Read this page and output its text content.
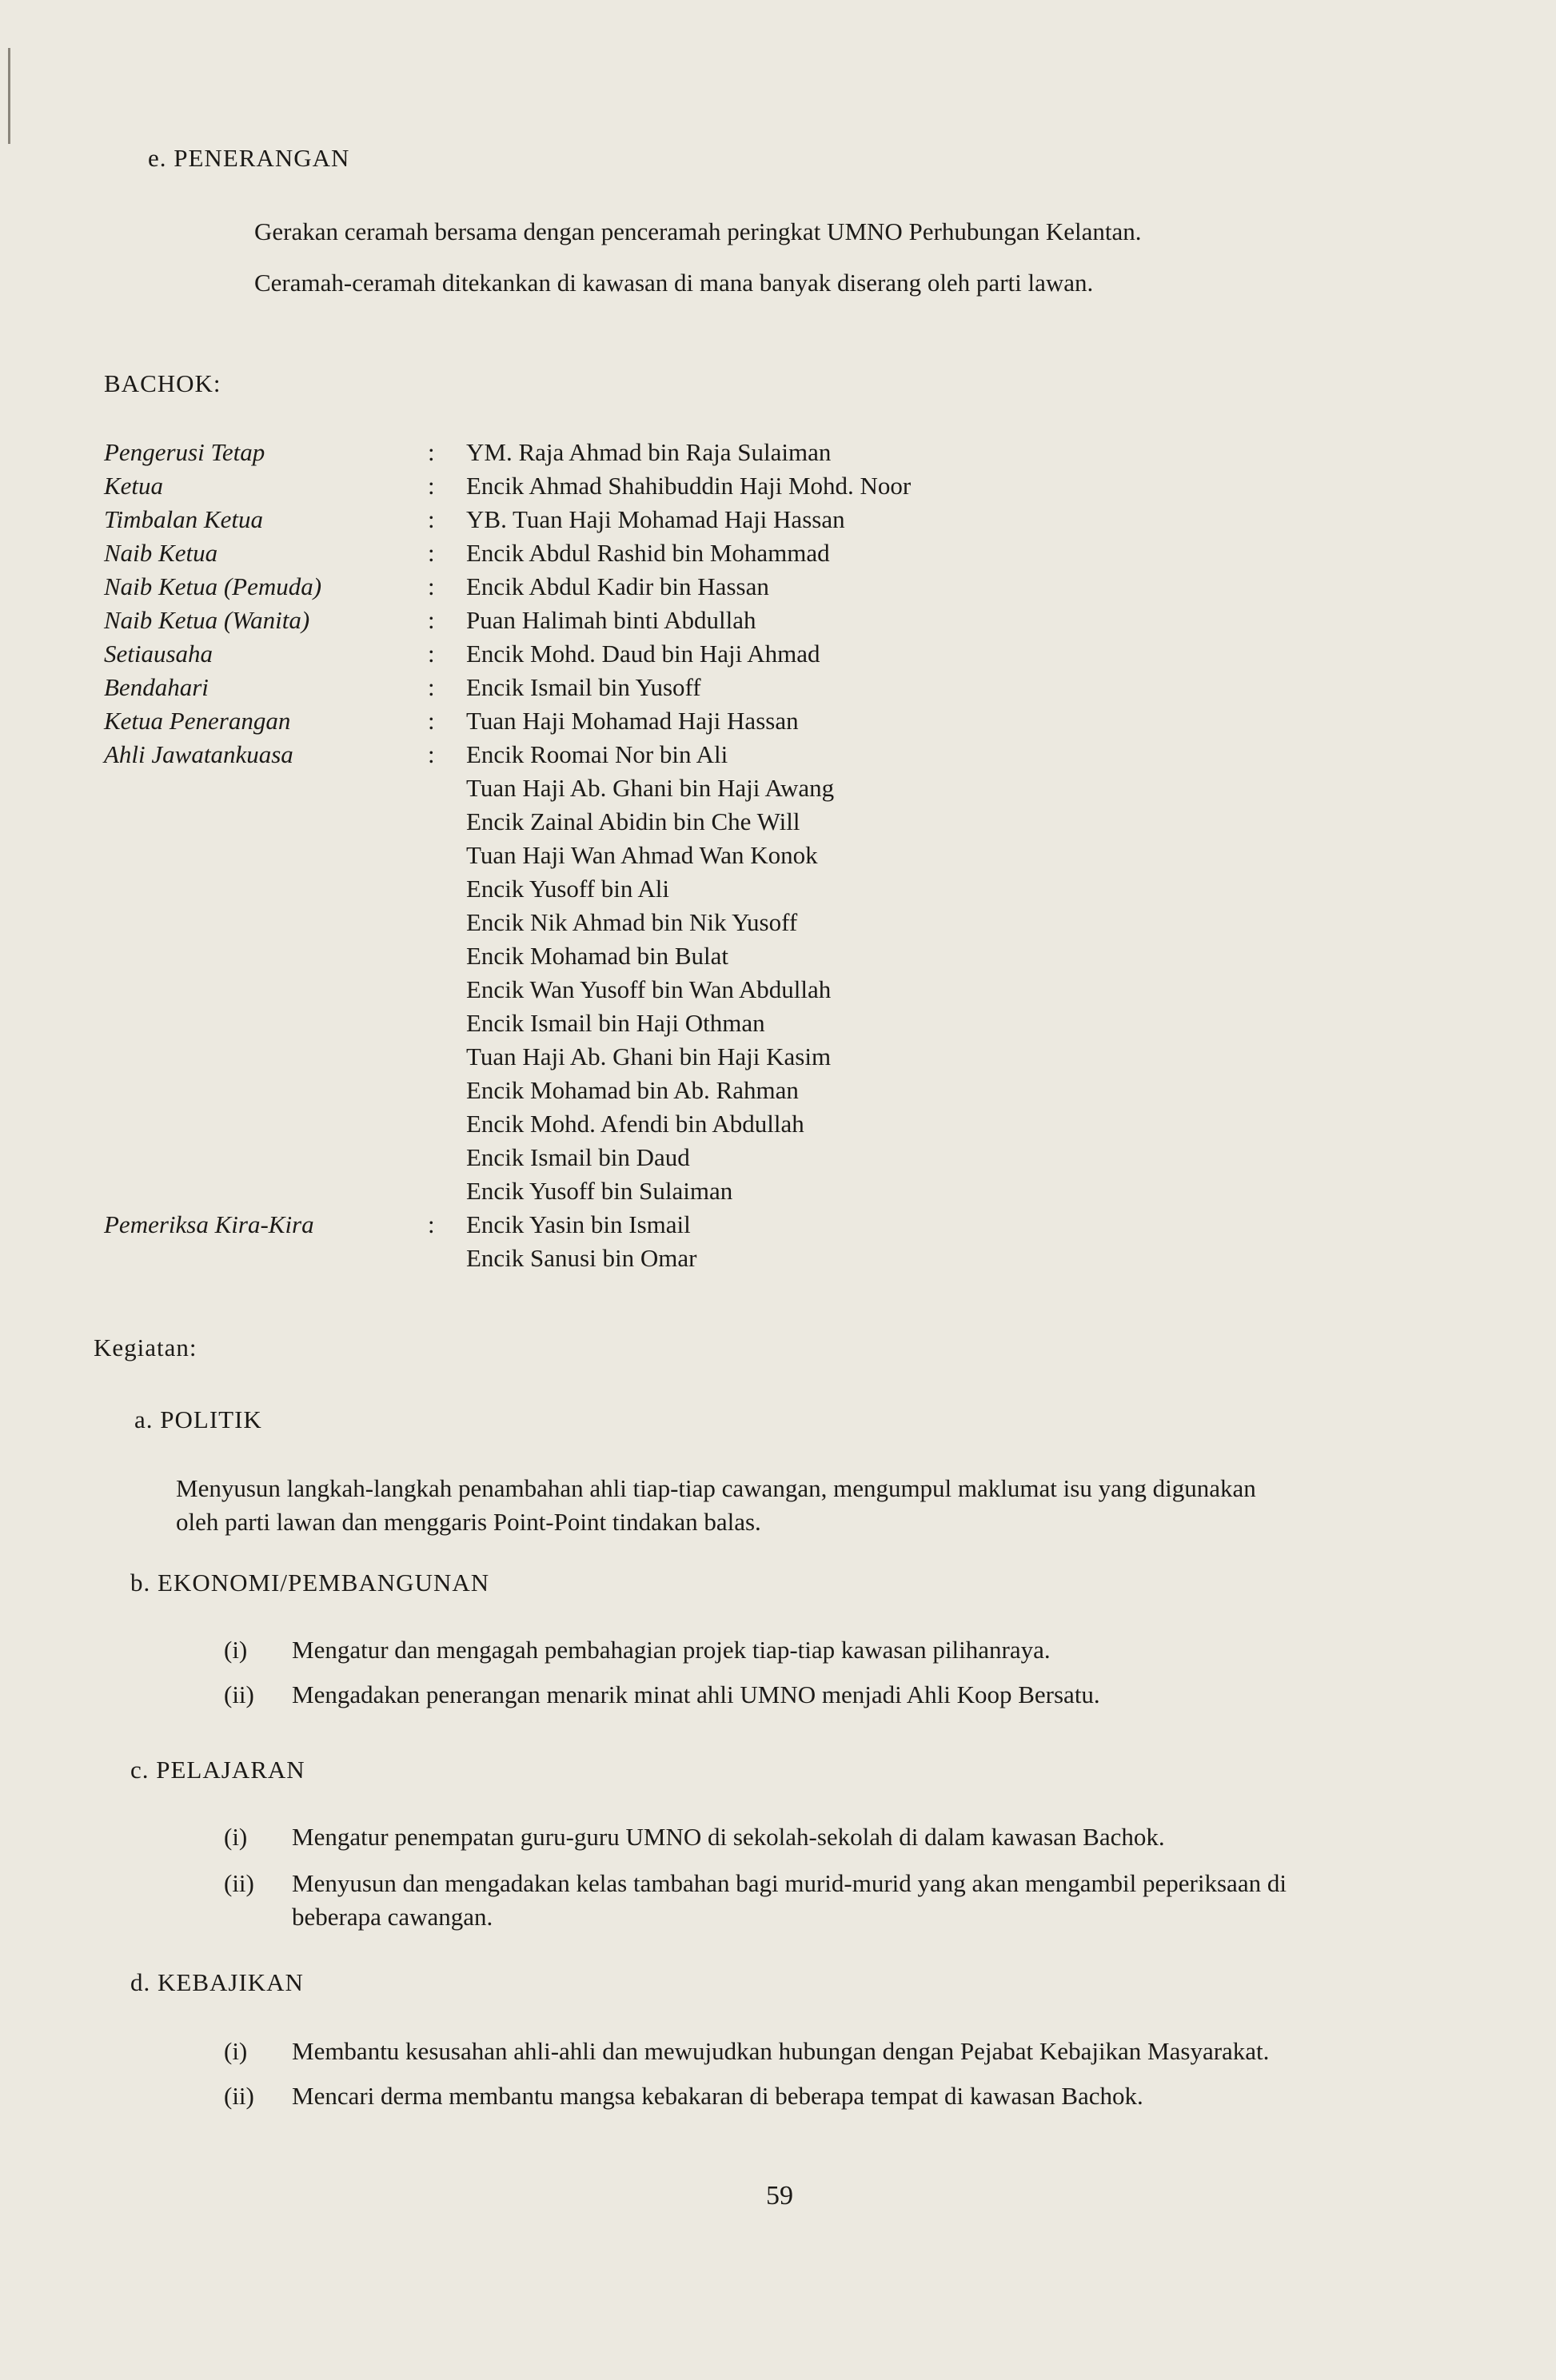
e. PENERANGAN
Gerakan ceramah bersama dengan penceramah peringkat UMNO Perhubungan Kelantan.
Ceramah-ceramah ditekankan di kawasan di mana banyak diserang oleh parti lawan.
BACHOK:
Pengerusi Tetap	: YM. Raja Ahmad bin Raja Sulaiman
Ketua	: Encik Ahmad Shahibuddin Haji Mohd. Noor
Timbalan Ketua	: YB. Tuan Haji Mohamad Haji Hassan
Naib Ketua	: Encik Abdul Rashid bin Mohammad
Naib Ketua (Pemuda)	: Encik Abdul Kadir bin Hassan
Naib Ketua (Wanita)	: Puan Halimah binti Abdullah
Setiausaha	: Encik Mohd. Daud bin Haji Ahmad
Bendahari	: Encik Ismail bin Yusoff
Ketua Penerangan	: Tuan Haji Mohamad Haji Hassan
Ahli Jawatankuasa	: Encik Roomai Nor bin Ali
Tuan Haji Ab. Ghani bin Haji Awang
Encik Zainal Abidin bin Che Will
Tuan Haji Wan Ahmad Wan Konok
Encik Yusoff bin Ali
Encik Nik Ahmad bin Nik Yusoff
Encik Mohamad bin Bulat
Encik Wan Yusoff bin Wan Abdullah
Encik Ismail bin Haji Othman
Tuan Haji Ab. Ghani bin Haji Kasim
Encik Mohamad bin Ab. Rahman
Encik Mohd. Afendi bin Abdullah
Encik Ismail bin Daud
Encik Yusoff bin Sulaiman
Pemeriksa Kira-Kira	: Encik Yasin bin Ismail
Encik Sanusi bin Omar
Kegiatan:
a. POLITIK
Menyusun langkah-langkah penambahan ahli tiap-tiap cawangan, mengumpul maklumat isu yang digunakan
oleh parti lawan dan menggaris Point-Point tindakan balas.
b. EKONOMI/PEMBANGUNAN
(i) Mengatur dan mengagah pembahagian projek tiap-tiap kawasan pilihanraya.
(ii) Mengadakan penerangan menarik minat ahli UMNO menjadi Ahli Koop Bersatu.
c. PELAJARAN
(i) Mengatur penempatan guru-guru UMNO di sekolah-sekolah di dalam kawasan Bachok.
(ii) Menyusun dan mengadakan kelas tambahan bagi murid-murid yang akan mengambil peperiksaan di
beberapa cawangan.
d. KEBAJIKAN
(i) Membantu kesusahan ahli-ahli dan mewujudkan hubungan dengan Pejabat Kebajikan Masyarakat.
(ii) Mencari derma membantu mangsa kebakaran di beberapa tempat di kawasan Bachok.
59
